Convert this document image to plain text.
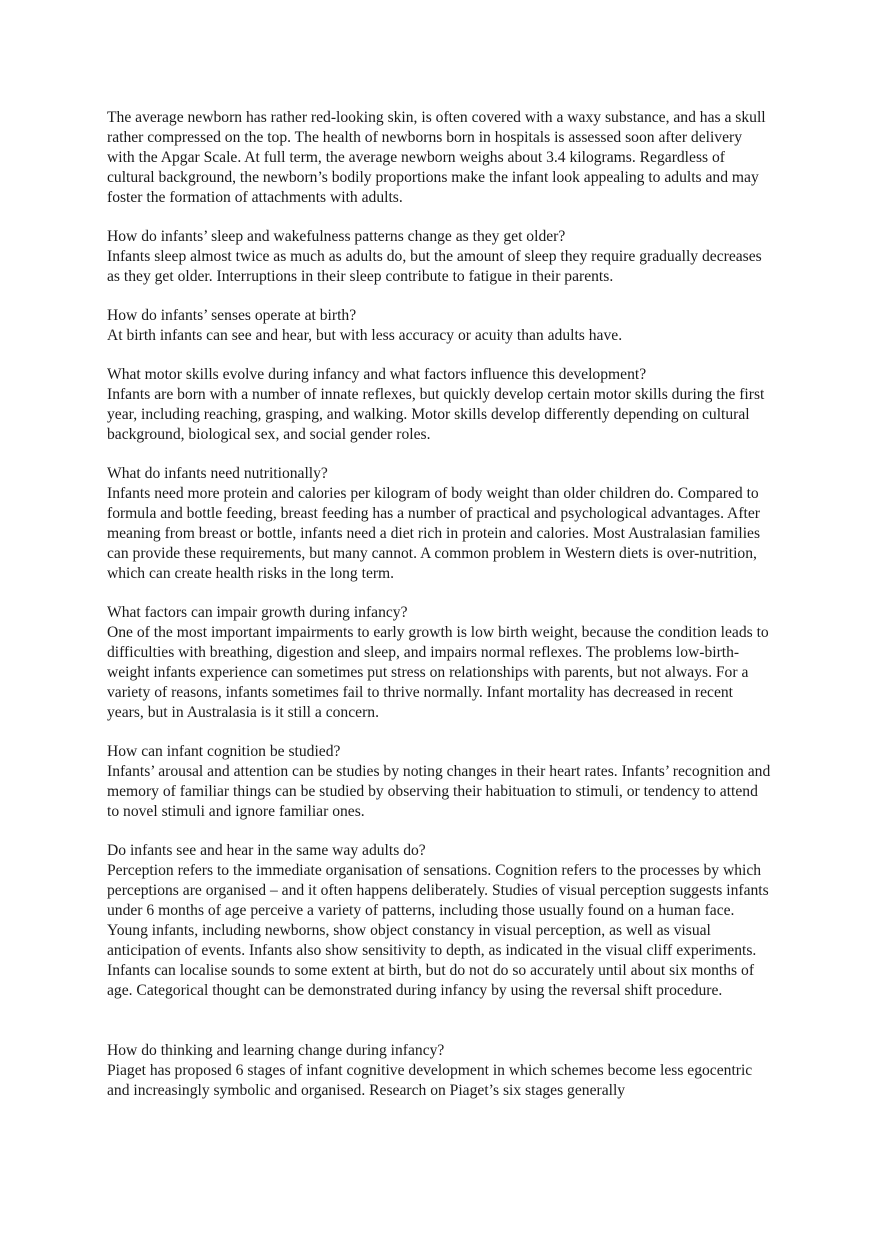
The average newborn has rather red-looking skin, is often covered with a waxy substance, and has a skull rather compressed on the top. The health of newborns born in hospitals is assessed soon after delivery with the Apgar Scale. At full term, the average newborn weighs about 3.4 kilograms. Regardless of cultural background, the newborn’s bodily proportions make the infant look appealing to adults and may foster the formation of attachments with adults.
How do infants’ sleep and wakefulness patterns change as they get older?
Infants sleep almost twice as much as adults do, but the amount of sleep they require gradually decreases as they get older. Interruptions in their sleep contribute to fatigue in their parents.
How do infants’ senses operate at birth?
At birth infants can see and hear, but with less accuracy or acuity than adults have.
What motor skills evolve during infancy and what factors influence this development?
Infants are born with a number of innate reflexes, but quickly develop certain motor skills during the first year, including reaching, grasping, and walking. Motor skills develop differently depending on cultural background, biological sex, and social gender roles.
What do infants need nutritionally?
Infants need more protein and calories per kilogram of body weight than older children do. Compared to formula and bottle feeding, breast feeding has a number of practical and psychological advantages. After meaning from breast or bottle, infants need a diet rich in protein and calories. Most Australasian families can provide these requirements, but many cannot. A common problem in Western diets is over-nutrition, which can create health risks in the long term.
What factors can impair growth during infancy?
One of the most important impairments to early growth is low birth weight, because the condition leads to difficulties with breathing, digestion and sleep, and impairs normal reflexes. The problems low-birth-weight infants experience can sometimes put stress on relationships with parents, but not always. For a variety of reasons, infants sometimes fail to thrive normally. Infant mortality has decreased in recent years, but in Australasia is it still a concern.
How can infant cognition be studied?
Infants’ arousal and attention can be studies by noting changes in their heart rates. Infants’ recognition and memory of familiar things can be studied by observing their habituation to stimuli, or tendency to attend to novel stimuli and ignore familiar ones.
Do infants see and hear in the same way adults do?
Perception refers to the immediate organisation of sensations. Cognition refers to the processes by which perceptions are organised – and it often happens deliberately. Studies of visual perception suggests infants under 6 months of age perceive a variety of patterns, including those usually found on a human face. Young infants, including newborns, show object constancy in visual perception, as well as visual anticipation of events. Infants also show sensitivity to depth, as indicated in the visual cliff experiments. Infants can localise sounds to some extent at birth, but do not do so accurately until about six months of age. Categorical thought can be demonstrated during infancy by using the reversal shift procedure.
How do thinking and learning change during infancy?
Piaget has proposed 6 stages of infant cognitive development in which schemes become less egocentric and increasingly symbolic and organised. Research on Piaget’s six stages generally
